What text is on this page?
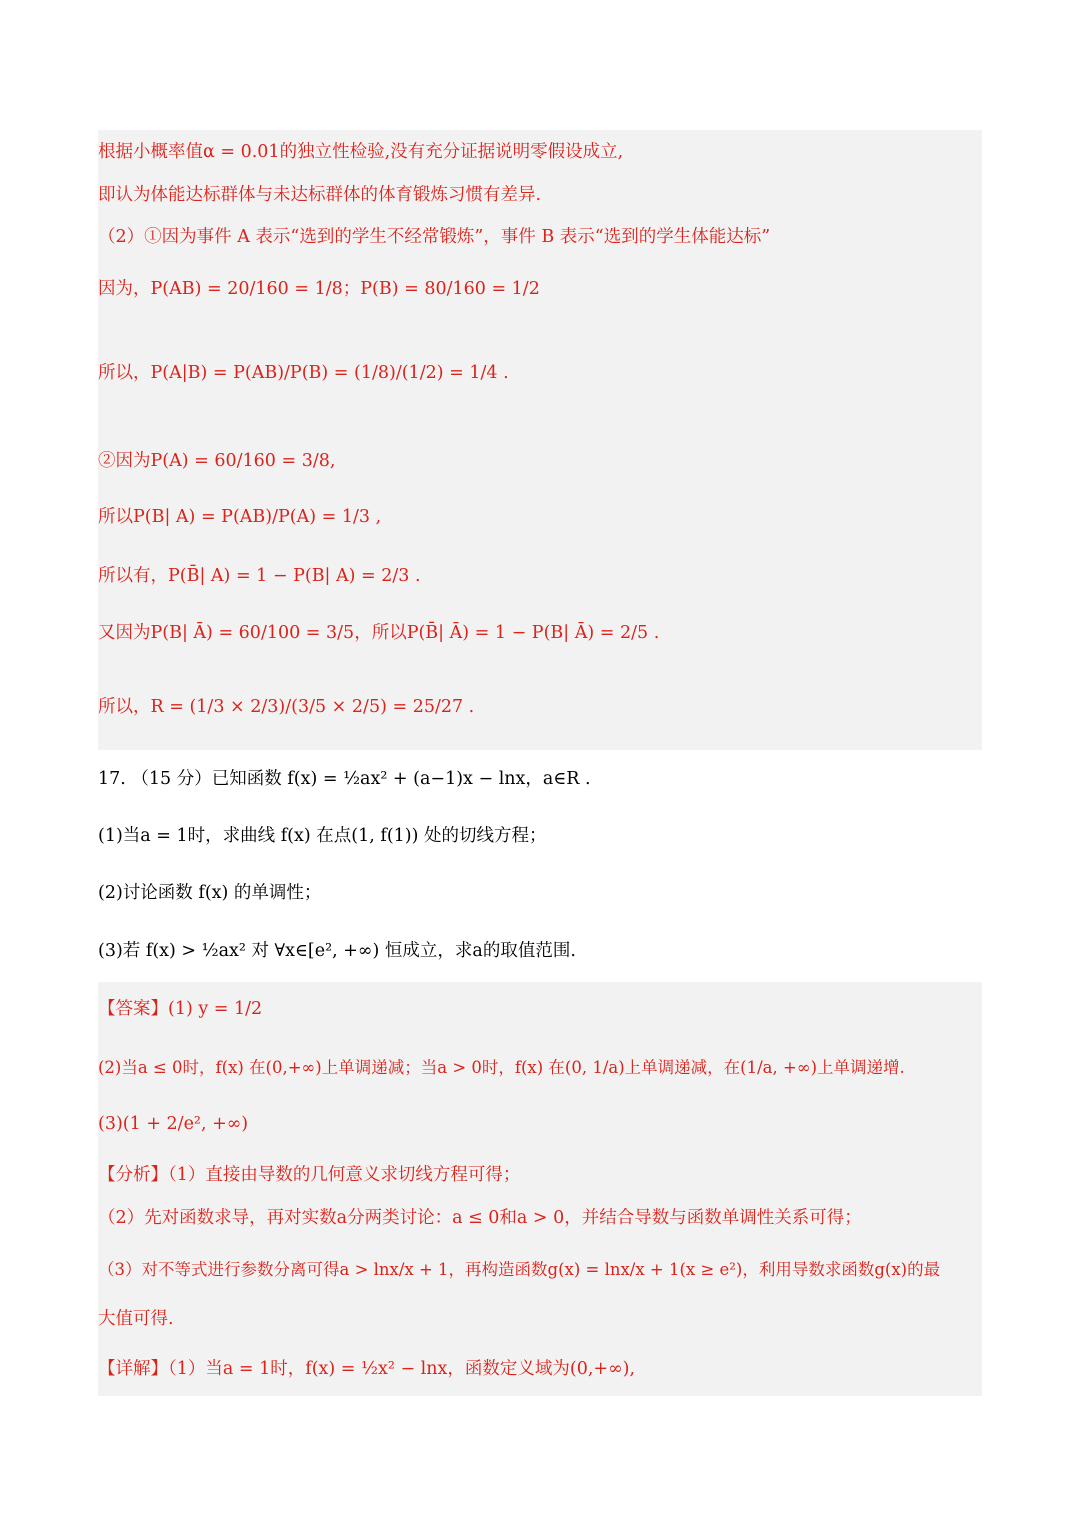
根据小概率值α = 0.01的独立性检验,没有充分证据说明零假设成立,
即认为体能达标群体与未达标群体的体育锻炼习惯有差异.
（2）①因为事件 A 表示“选到的学生不经常锻炼”，事件 B 表示“选到的学生体能达标”
因为，P(AB) = 20/160 = 1/8；P(B) = 80/160 = 1/2
所以，P(A|B) = P(AB)/P(B) = (1/8)/(1/2) = 1/4 .
②因为P(A) = 60/160 = 3/8,
所以P(B| A) = P(AB)/P(A) = 1/3 ,
所以有，P(B̄| A) = 1 − P(B| A) = 2/3 .
又因为P(B| Ā) = 60/100 = 3/5，所以P(B̄| Ā) = 1 − P(B| Ā) = 2/5 .
所以，R = (1/3 × 2/3)/(3/5 × 2/5) = 25/27 .
17. （15 分）已知函数 f(x) = ½ax² + (a−1)x − lnx，a∈R .
(1)当a = 1时，求曲线 f(x) 在点(1, f(1)) 处的切线方程；
(2)讨论函数 f(x) 的单调性；
(3)若 f(x) > ½ax² 对 ∀x∈[e², +∞) 恒成立，求a的取值范围.
【答案】(1) y = 1/2
(2)当a ≤ 0时，f(x) 在(0,+∞)上单调递减；当a > 0时，f(x) 在(0, 1/a)上单调递减，在(1/a, +∞)上单调递增.
(3)(1 + 2/e², +∞)
【分析】（1）直接由导数的几何意义求切线方程可得；
（2）先对函数求导，再对实数a分两类讨论：a ≤ 0和a > 0，并结合导数与函数单调性关系可得；
（3）对不等式进行参数分离可得a > lnx/x + 1，再构造函数g(x) = lnx/x + 1(x ≥ e²)，利用导数求函数g(x)的最
大值可得.
【详解】（1）当a = 1时，f(x) = ½x² − lnx，函数定义域为(0,+∞),
